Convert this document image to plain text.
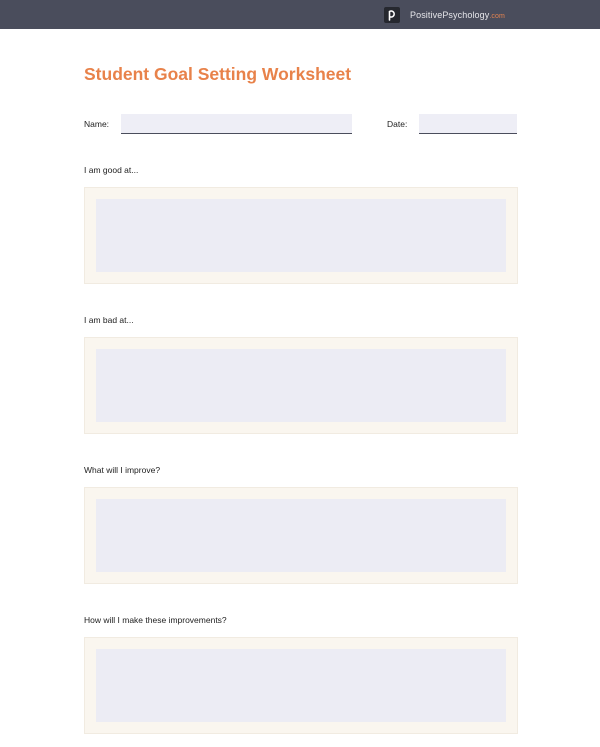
PositivePsychology.com
Student Goal Setting Worksheet
Name:	Date:
I am good at...
I am bad at...
What will I improve?
How will I make these improvements?
